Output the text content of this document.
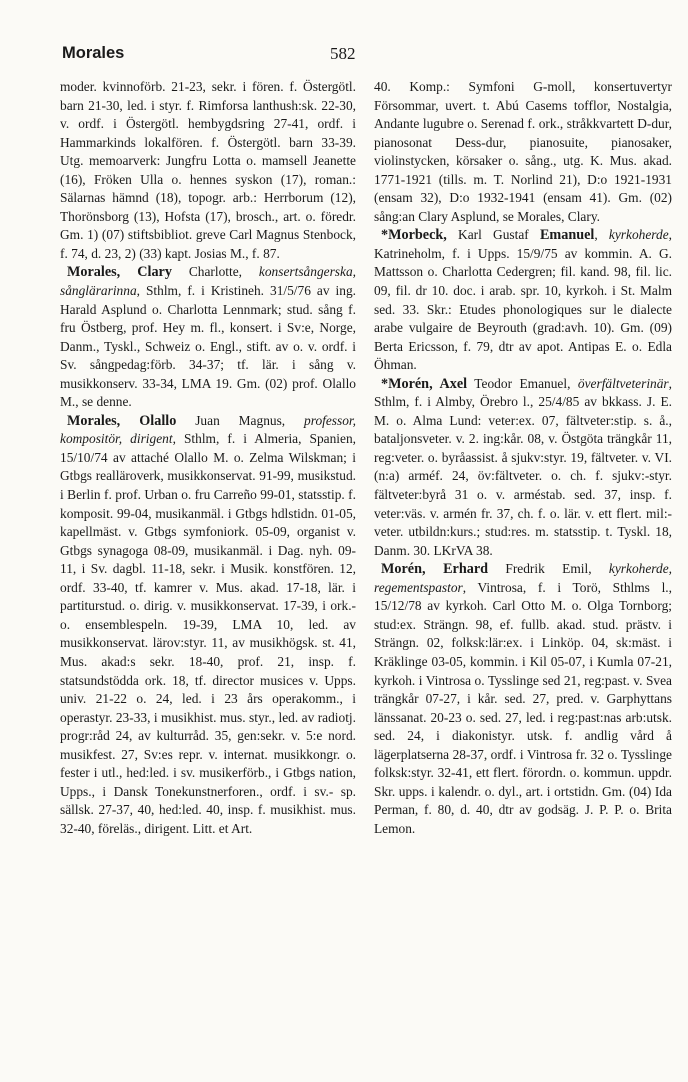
Morales	582

moder. kvinnoförb. 21-23, sekr. i fören. f. Östergötl. barn 21-30, led. i styr. f. Rimforsa lanthush:sk. 22-30, v. ordf. i Östergötl. hembygdsring 27-41, ordf. i Hammarkinds lokalfören. f. Östergötl. barn 33-39. Utg. memoarverk: Jungfru Lotta o. mamsell Jeanette (16), Fröken Ulla o. hennes syskon (17), roman.: Sälarnas hämnd (18), topogr. arb.: Herrborum (12), Thorönsborg (13), Hofsta (17), brosch., art. o. föredr. Gm. 1) (07) stiftsbibliot. greve Carl Magnus Stenbock, f. 74, d. 23, 2) (33) kapt. Josias M., f. 87.

Morales, Clary Charlotte, konsertsångerska, sånglärarinna, Sthlm, f. i Kristineh. 31/5/76 av ing. Harald Asplund o. Charlotta Lennmark; stud. sång f. fru Östberg, prof. Hey m. fl., konsert. i Sv:e, Norge, Danm., Tyskl., Schweiz o. Engl., stift. av o. v. ordf. i Sv. sångpedag:förb. 34-37; tf. lär. i sång v. musikkonserv. 33-34, LMA 19. Gm. (02) prof. Olallo M., se denne.

Morales, Olallo Juan Magnus, professor, kompositör, dirigent, Sthlm, f. i Almeria, Spanien, 15/10/74 av attaché Olallo M. o. Zelma Wilskman; i Gtbgs realläroverk, musikkonservat. 91-99, musikstud. i Berlin f. prof. Urban o. fru Carreño 99-01, statsstip. f. komposit. 99-04, musikanmäl. i Gtbgs hdlstidn. 01-05, kapellmäst. v. Gtbgs symfoniork. 05-09, organist v. Gtbgs synagoga 08-09, musikanmäl. i Dag. nyh. 09-11, i Sv. dagbl. 11-18, sekr. i Musik. konstfören. 12, ordf. 33-40, tf. kamrer v. Mus. akad. 17-18, lär. i partiturstud. o. dirig. v. musikkonservat. 17-39, i ork.- o. ensemblespeln. 19-39, LMA 10, led. av musikkonservat. lärov:styr. 11, av musikhögsk. st. 41, Mus. akad:s sekr. 18-40, prof. 21, insp. f. statsundstödda ork. 18, tf. director musices v. Upps. univ. 21-22 o. 24, led. i 23 års operakomm., i operastyr. 23-33, i musikhist. mus. styr., led. av radiotj. progr:råd 24, av kulturråd. 35, gen:sekr. v. 5:e nord. musikfest. 27, Sv:es repr. v. internat. musikkongr. o. fester i utl., hed:led. i sv. musikerförb., i Gtbgs nation, Upps., i Dansk Tonekunstnerforen., ordf. i sv.- sp. sällsk. 27-37, 40, hed:led. 40, insp. f. musikhist. mus. 32-40, föreläs., dirigent. Litt. et Art.

40. Komp.: Symfoni G-moll, konsertuvertyr Försommar, uvert. t. Abú Casems tofflor, Nostalgia, Andante lugubre o. Serenad f. ork., stråkkvartett D-dur, pianosonat Dess-dur, pianosuite, pianosaker, violinstycken, körsaker o. sång., utg. K. Mus. akad. 1771-1921 (tills. m. T. Norlind 21), D:o 1921-1931 (ensam 32), D:o 1932-1941 (ensam 41). Gm. (02) sång:an Clary Asplund, se Morales, Clary.

*Morbeck, Karl Gustaf Emanuel, kyrkoherde, Katrineholm, f. i Upps. 15/9/75 av kommin. A. G. Mattsson o. Charlotta Cedergren; fil. kand. 98, fil. lic. 09, fil. dr 10. doc. i arab. spr. 10, kyrkoh. i St. Malm sed. 33. Skr.: Etudes phonologiques sur le dialecte arabe vulgaire de Beyrouth (grad:avh. 10). Gm. (09) Berta Ericsson, f. 79, dtr av apot. Antipas E. o. Edla Öhman.

*Morén, Axel Teodor Emanuel, överfältveterinär, Sthlm, f. i Almby, Örebro l., 25/4/85 av bkkass. J. E. M. o. Alma Lund: veter:ex. 07, fältveter:stip. s. å., bataljonsveter. v. 2. ing:kår. 08, v. Östgöta trängkår 11, reg:veter. o. byråassist. å sjukv:styr. 19, fältveter. v. VI. (n:a) arméf. 24, öv:fältveter. o. ch. f. sjukv:-styr. fältveter:byrå 31 o. v. arméstab. sed. 37, insp. f. veter:väs. v. armén fr. 37, ch. f. o. lär. v. ett flert. mil:-veter. utbildn:kurs.; stud:res. m. statsstip. t. Tyskl. 18, Danm. 30. LKrVA 38.

Morén, Erhard Fredrik Emil, kyrkoherde, regementspastor, Vintrosa, f. i Torö, Sthlms l., 15/12/78 av kyrkoh. Carl Otto M. o. Olga Tornborg; stud:ex. Strängn. 98, ef. fullb. akad. stud. prästv. i Strängn. 02, folksk:lär:ex. i Linköp. 04, sk:mäst. i Kräklinge 03-05, kommin. i Kil 05-07, i Kumla 07-21, kyrkoh. i Vintrosa o. Tysslinge sed 21, reg:past. v. Svea trängkår 07-27, i kår. sed. 27, pred. v. Garphyttans länssanat. 20-23 o. sed. 27, led. i reg:past:nas arb:utsk. sed. 24, i diakonistyr. utsk. f. andlig vård å lägerplatserna 28-37, ordf. i Vintrosa fr. 32 o. Tysslinge folksk:styr. 32-41, ett flert. förordn. o. kommun. uppdr. Skr. upps. i kalendr. o. dyl., art. i ortstidn. Gm. (04) Ida Perman, f. 80, d. 40, dtr av godsäg. J. P. P. o. Brita Lemon.
